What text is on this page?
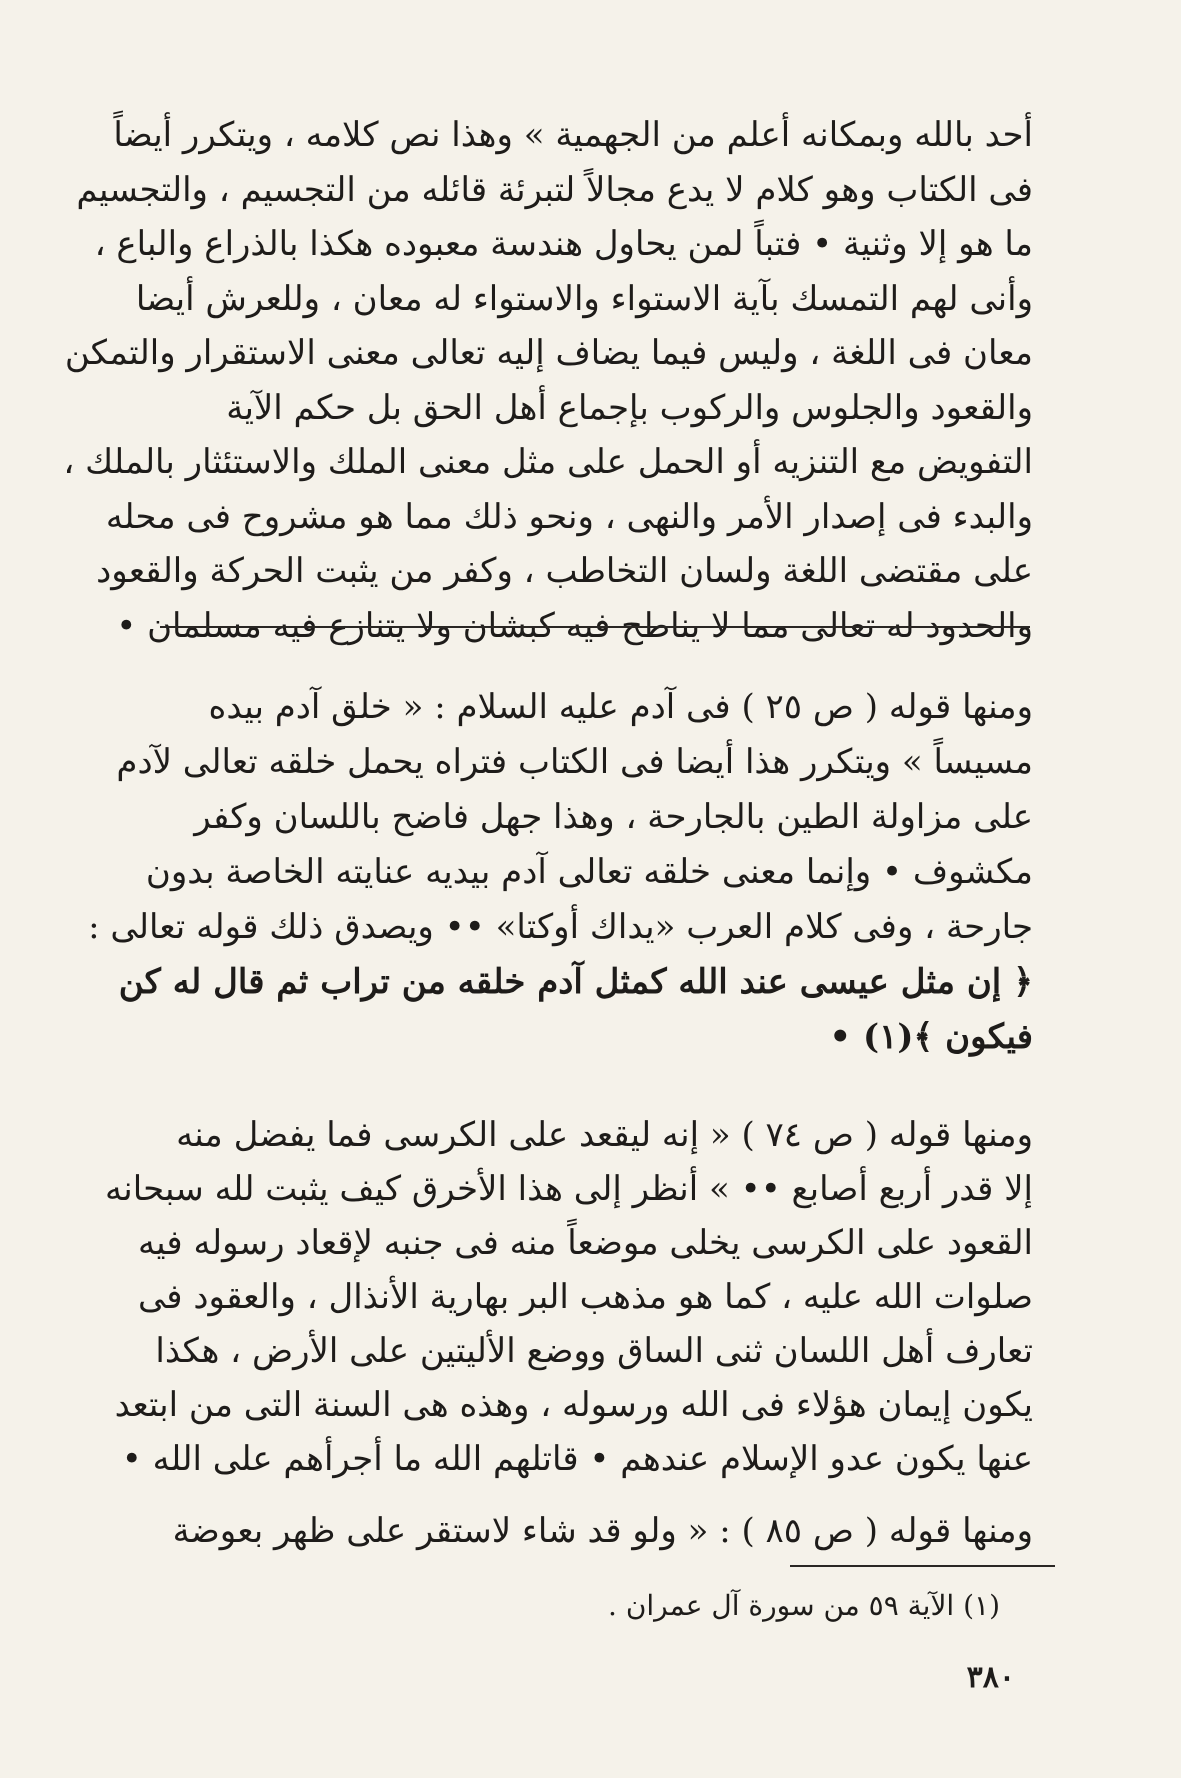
أحد بالله وبمكانه أعلم من الجهمية » وهذا نص كلامه ، ويتكرر أيضاً
فى الكتاب وهو كلام لا يدع مجالاً لتبرئة قائله من التجسيم ، والتجسيم
ما هو إلا وثنية • فتباً لمن يحاول هندسة معبوده هكذا بالذراع والباع ،
وأنى لهم التمسك بآية الاستواء والاستواء له معان ، وللعرش أيضا
معان فى اللغة ، وليس فيما يضاف إليه تعالى معنى الاستقرار والتمكن
والقعود والجلوس والركوب بإجماع أهل الحق بل حكم الآية
التفويض مع التنزيه أو الحمل على مثل معنى الملك والاستئثار بالملك ،
والبدء فى إصدار الأمر والنهى ، ونحو ذلك مما هو مشروح فى محله
على مقتضى اللغة ولسان التخاطب ، وكفر من يثبت الحركة والقعود
والحدود له تعالى مما لا يناطح فيه كبشان ولا يتنازع فيه مسلمان •
ومنها قوله ( ص ٢٥ ) فى آدم عليه السلام : « خلق آدم بيده
مسيساً » ويتكرر هذا أيضا فى الكتاب فتراه يحمل خلقه تعالى لآدم
على مزاولة الطين بالجارحة ، وهذا جهل فاضح باللسان وكفر
مكشوف • وإنما معنى خلقه تعالى آدم بيديه عنايته الخاصة بدون
جارحة ، وفى كلام العرب «يداك أوكتا» •• ويصدق ذلك قوله تعالى :
﴿ إن مثل عيسى عند الله كمثل آدم خلقه من تراب ثم قال له كن
فيكون ﴾(١) •
ومنها قوله ( ص ٧٤ ) « إنه ليقعد على الكرسى فما يفضل منه
إلا قدر أربع أصابع •• » أنظر إلى هذا الأخرق كيف يثبت لله سبحانه
القعود على الكرسى يخلى موضعاً منه فى جنبه لإقعاد رسوله فيه
صلوات الله عليه ، كما هو مذهب البر بهارية الأنذال ، والعقود فى
تعارف أهل اللسان ثنى الساق ووضع الأليتين على الأرض ، هكذا
يكون إيمان هؤلاء فى الله ورسوله ، وهذه هى السنة التى من ابتعد
عنها يكون عدو الإسلام عندهم • قاتلهم الله ما أجرأهم على الله •
ومنها قوله ( ص ٨٥ ) : « ولو قد شاء لاستقر على ظهر بعوضة
(١) الآية ٥٩ من سورة آل عمران .
٣٨٠
